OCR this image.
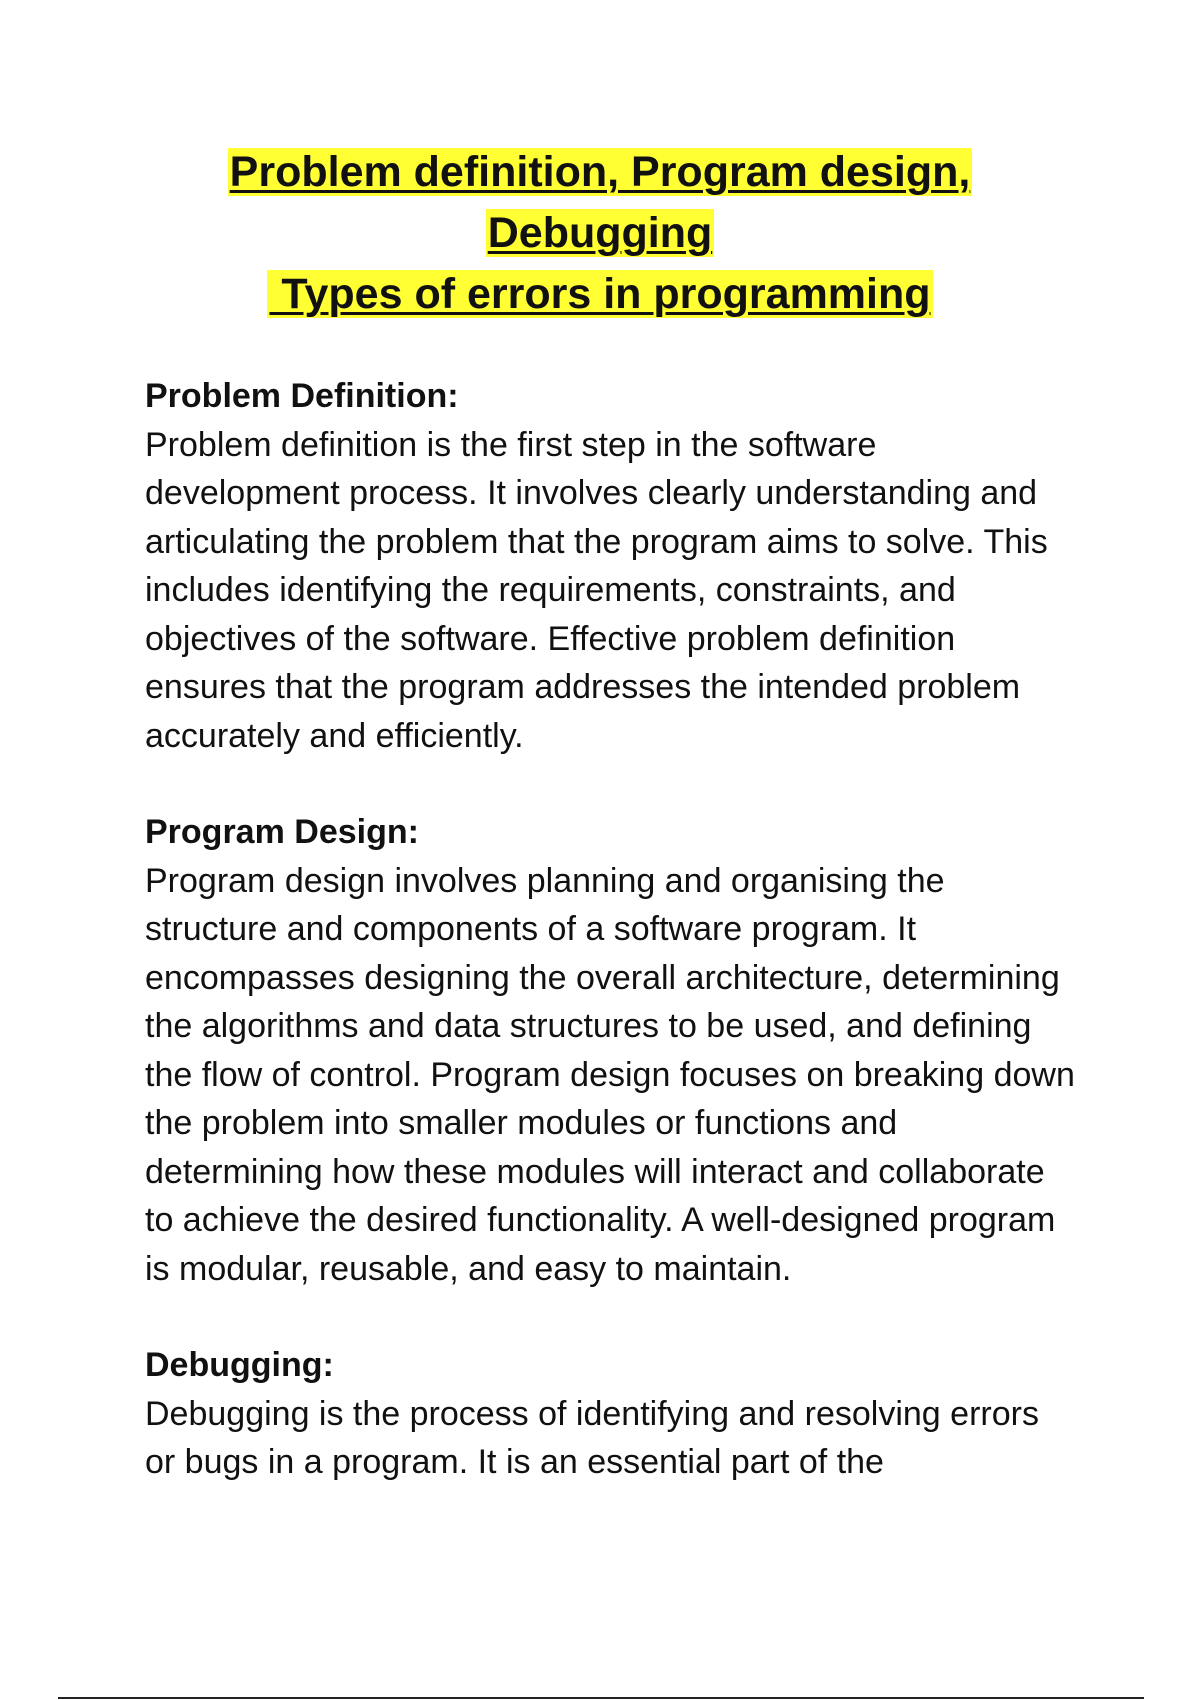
Problem definition, Program design,
Debugging
Types of errors in programming

Problem Definition:

Problem definition is the first step in the software development process. It involves clearly understanding and articulating the problem that the program aims to solve. This includes identifying the requirements, constraints, and objectives of the software. Effective problem definition ensures that the program addresses the intended problem accurately and efficiently.

Program Design:

Program design involves planning and organising the structure and components of a software program. It encompasses designing the overall architecture, determining the algorithms and data structures to be used, and defining the flow of control. Program design focuses on breaking down the problem into smaller modules or functions and determining how these modules will interact and collaborate to achieve the desired functionality. A well-designed program is modular, reusable, and easy to maintain.

Debugging:

Debugging is the process of identifying and resolving errors or bugs in a program. It is an essential part of the
